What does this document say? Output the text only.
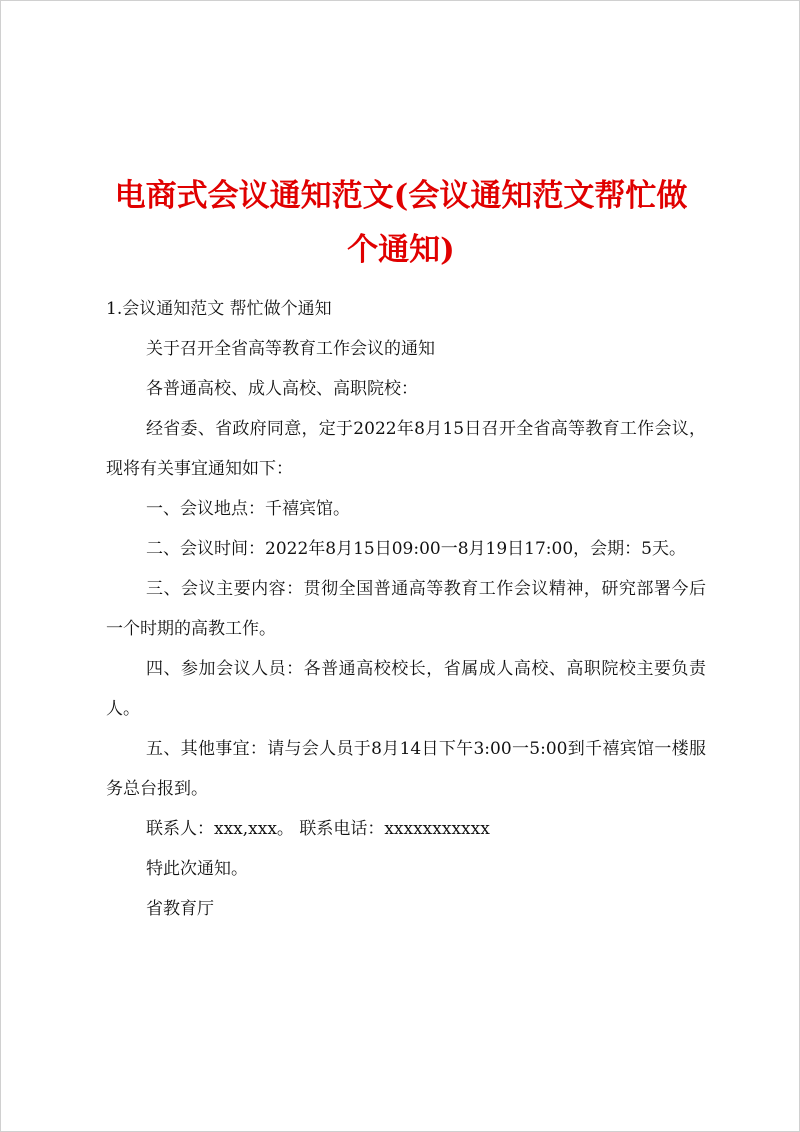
电商式会议通知范文(会议通知范文帮忙做个通知)

1.会议通知范文 帮忙做个通知

关于召开全省高等教育工作会议的通知

各普通高校、成人高校、高职院校：

经省委、省政府同意，定于2022年8月15日召开全省高等教育工作会议，现将有关事宜通知如下：

一、会议地点：千禧宾馆。

二、会议时间：2022年8月15日09:00一8月19日17:00，会期：5天。

三、会议主要内容：贯彻全国普通高等教育工作会议精神，研究部署今后一个时期的高教工作。

四、参加会议人员：各普通高校校长，省属成人高校、高职院校主要负责人。

五、其他事宜：请与会人员于8月14日下午3:00一5:00到千禧宾馆一楼服务总台报到。

联系人：xxx,xxx。 联系电话：xxxxxxxxxxx

特此次通知。

省教育厅
